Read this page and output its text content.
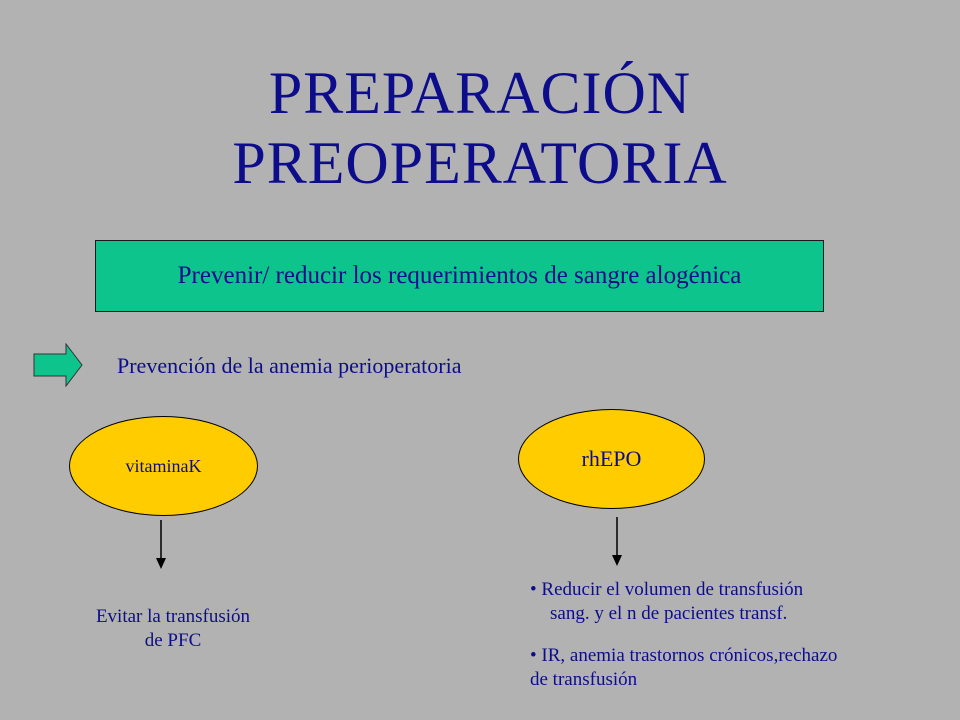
PREPARACIÓN
PREOPERATORIA
Prevenir/ reducir los requerimientos de sangre alogénica
Prevención de la anemia perioperatoria
vitaminaK
Evitar la transfusión
de PFC
rhEPO
• Reducir el volumen de transfusión
sang. y el n de pacientes transf.
• IR, anemia trastornos crónicos,rechazo
de transfusión
